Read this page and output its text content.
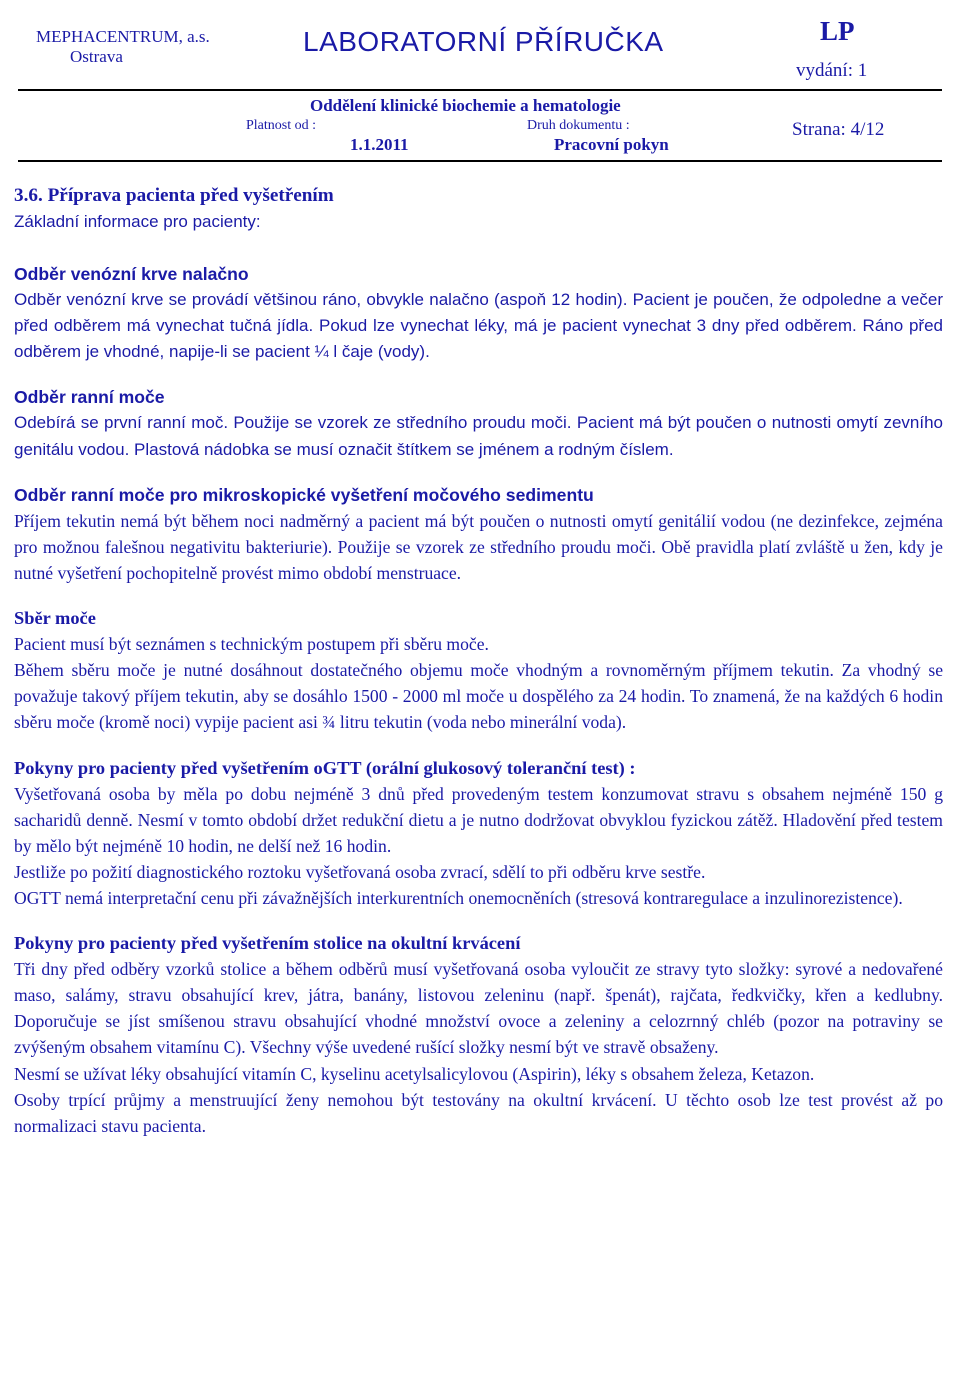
MEPHACENTRUM, a.s.
Ostrava	LABORATORNÍ PŘÍRUČKA	LP
vydání: 1
Oddělení klinické biochemie a hematologie
Platnost od :
1.1.2011
Druh dokumentu :
Pracovní pokyn
Strana: 4/12
3.6. Příprava pacienta před vyšetřením
Základní informace pro pacienty:
Odběr venózní krve nalačno

Odběr venózní krve se provádí většinou ráno, obvykle nalačno (aspoň 12 hodin). Pacient je poučen, že odpoledne a večer před odběrem má vynechat tučná jídla. Pokud lze vynechat léky, má je pacient vynechat 3 dny před odběrem. Ráno před odběrem je vhodné, napije-li se pacient ¼ l čaje (vody).

Odběr ranní moče

Odebírá se první ranní moč. Použije se vzorek ze středního proudu moči. Pacient má být poučen o nutnosti omytí zevního genitálu vodou. Plastová nádobka se musí označit štítkem se jménem a rodným číslem.

Odběr ranní moče pro mikroskopické vyšetření močového sedimentu

Příjem tekutin nemá být během noci nadměrný a pacient má být poučen o nutnosti omytí genitálií vodou (ne dezinfekce, zejména pro možnou falešnou negativitu bakteriurie). Použije se vzorek ze středního proudu moči. Obě pravidla platí zvláště u žen, kdy je nutné vyšetření pochopitelně provést mimo období menstruace.

Sběr moče

Pacient musí být seznámen s technickým postupem při sběru moče.

Během sběru moče je nutné dosáhnout dostatečného objemu moče vhodným a rovnoměrným příjmem tekutin. Za vhodný se považuje takový příjem tekutin, aby se dosáhlo 1500 - 2000 ml moče u dospělého za 24 hodin. To znamená, že na každých 6 hodin sběru moče (kromě noci) vypije pacient asi ¾ litru tekutin (voda nebo minerální voda).

Pokyny pro pacienty před vyšetřením oGTT (orální glukosový toleranční test) :

Vyšetřovaná osoba by měla po dobu nejméně 3 dnů před provedeným testem konzumovat stravu s obsahem nejméně 150 g sacharidů denně. Nesmí v tomto období držet redukční dietu a je nutno dodržovat obvyklou fyzickou zátěž. Hladovění před testem by mělo být nejméně 10 hodin, ne delší než 16 hodin.

Jestliže po požití diagnostického roztoku vyšetřovaná osoba zvrací, sdělí to při odběru krve sestře.

OGTT nemá interpretační cenu při závažnějších interkurentních onemocněních (stresová kontraregulace a inzulinorezistence).

Pokyny pro pacienty před vyšetřením stolice na okultní krvácení

Tři dny před odběry vzorků stolice a během odběrů musí vyšetřovaná osoba vyloučit ze stravy tyto složky: syrové a nedovařené maso, salámy, stravu obsahující krev, játra, banány, listovou zeleninu (např. špenát), rajčata, ředkvičky, křen a kedlubny. Doporučuje se jíst smíšenou stravu obsahující vhodné množství ovoce a zeleniny a celozrnný chléb (pozor na potraviny se zvýšeným obsahem vitamínu C). Všechny výše uvedené rušící složky nesmí být ve stravě obsaženy.

Nesmí se užívat léky obsahující vitamín C, kyselinu acetylsalicylovou (Aspirin), léky s obsahem železa, Ketazon.

Osoby trpící průjmy a menstruující ženy nemohou být testovány na okultní krvácení. U těchto osob lze test provést až po normalizaci stavu pacienta.
